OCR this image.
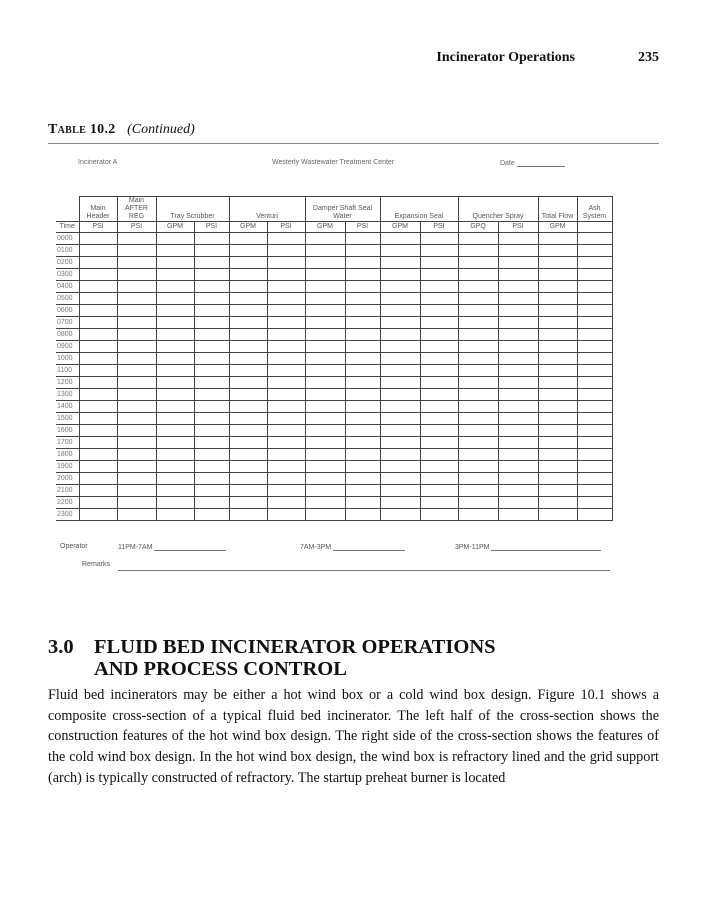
Incinerator Operations	235
Table 10.2 (Continued)
Incinerator A	Westerly Wastewater Treatment Center	Date
	Main Header	Main AFTER REG	Tray Scrubber		Venturi		Damper Shaft Seal Water		Expansion Seal		Quencher Spray		Total Flow	Ash System
Time	PSI	PSI	GPM	PSI	GPM	PSI	GPM	PSI	GPM	PSI	GPQ	PSI	GPM	
0000														
0100														
0200														
0300														
0400														
0500														
0600														
0700														
0800														
0900														
1000														
1100														
1200														
1300														
1400														
1500														
1600														
1700														
1800														
1900														
2000														
2100														
2200														
2300														
Operator	11PM-7AM	7AM-3PM	3PM-11PM
Remarks
3.0 FLUID BED INCINERATOR OPERATIONS
AND PROCESS CONTROL

Fluid bed incinerators may be either a hot wind box or a cold wind box design. Figure 10.1 shows a composite cross-section of a typical fluid bed incinerator. The left half of the cross-section shows the construction features of the hot wind box design. The right side of the cross-section shows the features of the cold wind box design. In the hot wind box design, the wind box is refractory lined and the grid support (arch) is typically constructed of refractory. The startup preheat burner is located
